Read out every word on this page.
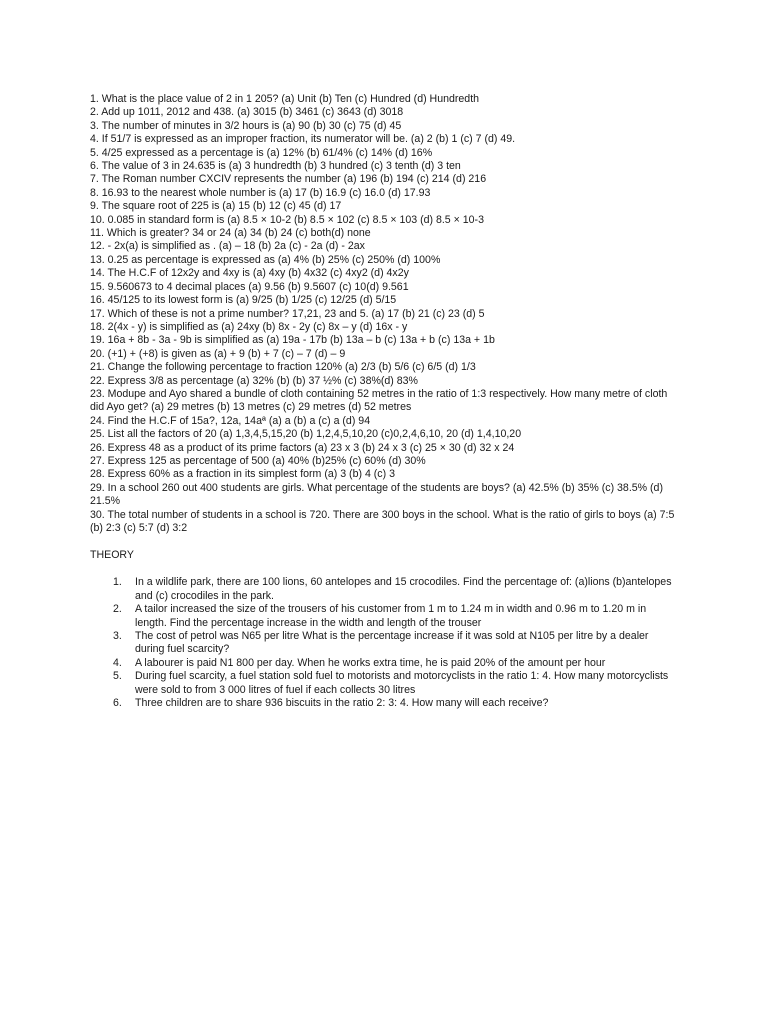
1. What is the place value of 2 in 1 205? (a) Unit (b) Ten (c) Hundred (d) Hundredth

2. Add up 1011, 2012 and 438. (a) 3015 (b) 3461 (c) 3643 (d) 3018

3. The number of minutes in 3/2 hours is (a) 90 (b) 30 (c) 75 (d) 45

4. If 51/7 is expressed as an improper fraction, its numerator will be. (a) 2 (b) 1 (c) 7 (d) 49.

5. 4/25 expressed as a percentage is (a) 12% (b) 61/4% (c) 14% (d) 16%

6. The value of 3 in 24.635 is (a) 3 hundredth (b) 3 hundred (c) 3 tenth (d) 3 ten

7. The Roman number CXCIV represents the number (a) 196 (b) 194 (c) 214 (d) 216

8. 16.93 to the nearest whole number is (a) 17 (b) 16.9 (c) 16.0 (d) 17.93

9. The square root of 225 is (a) 15 (b) 12 (c) 45 (d) 17

10. 0.085 in standard form is (a) 8.5 × 10-2 (b) 8.5 × 102 (c) 8.5 × 103 (d) 8.5 × 10-3

11. Which is greater? 34 or 24 (a) 34 (b) 24 (c) both(d) none

12. - 2x(a) is simplified as . (a) – 18 (b) 2a (c) - 2a (d) - 2ax

13. 0.25 as percentage is expressed as (a) 4% (b) 25% (c) 250% (d) 100%

14. The H.C.F of 12x2y and 4xy is (a) 4xy (b) 4x32 (c) 4xy2 (d) 4x2y

15. 9.560673 to 4 decimal places (a) 9.56 (b) 9.5607 (c) 10(d) 9.561

16. 45/125 to its lowest form is (a) 9/25 (b) 1/25 (c) 12/25 (d) 5/15

17. Which of these is not a prime number? 17,21, 23 and 5. (a) 17 (b) 21 (c) 23 (d) 5

18. 2(4x - y) is simplified as (a) 24xy (b) 8x - 2y (c) 8x – y (d) 16x - y

19. 16a + 8b - 3a - 9b is simplified as (a) 19a - 17b (b) 13a – b (c) 13a + b (c) 13a + 1b

20. (+1) + (+8) is given as (a) + 9 (b) + 7 (c) – 7 (d) – 9

21. Change the following percentage to fraction 120% (a) 2/3 (b) 5/6 (c) 6/5 (d) 1/3

22. Express 3/8 as percentage (a) 32% (b) (b) 37 ½% (c) 38%(d) 83%

23. Modupe and Ayo shared a bundle of cloth containing 52 metres in the ratio of 1:3 respectively. How many metre of cloth did Ayo get? (a) 29 metres (b) 13 metres (c) 29 metres (d) 52 metres

24. Find the H.C.F of 15a?, 12a, 14aª (a) a (b) a (c) a (d) 94

25. List all the factors of 20 (a) 1,3,4,5,15,20 (b) 1,2,4,5,10,20 (c)0,2,4,6,10, 20 (d) 1,4,10,20

26. Express 48 as a product of its prime factors (a) 23 x 3 (b) 24 x 3 (c) 25 × 30 (d) 32 x 24

27. Express 125 as percentage of 500 (a) 40% (b)25% (c) 60% (d) 30%

28. Express 60% as a fraction in its simplest form (a) 3 (b) 4 (c) 3

29. In a school 260 out 400 students are girls. What percentage of the students are boys? (a) 42.5% (b) 35% (c) 38.5% (d) 21.5%

30. The total number of students in a school is 720. There are 300 boys in the school. What is the ratio of girls to boys (a) 7:5 (b) 2:3 (c) 5:7 (d) 3:2

THEORY

1. In a wildlife park, there are 100 lions, 60 antelopes and 15 crocodiles. Find the percentage of: (a)lions (b)antelopes and (c) crocodiles in the park.
2. A tailor increased the size of the trousers of his customer from 1 m to 1.24 m in width and 0.96 m to 1.20 m in length. Find the percentage increase in the width and length of the trouser
3. The cost of petrol was N65 per litre What is the percentage increase if it was sold at N105 per litre by a dealer during fuel scarcity?
4. A labourer is paid N1 800 per day. When he works extra time, he is paid 20% of the amount per hour
5. During fuel scarcity, a fuel station sold fuel to motorists and motorcyclists in the ratio 1: 4. How many motorcyclists were sold to from 3 000 litres of fuel if each collects 30 litres
6. Three children are to share 936 biscuits in the ratio 2: 3: 4. How many will each receive?
